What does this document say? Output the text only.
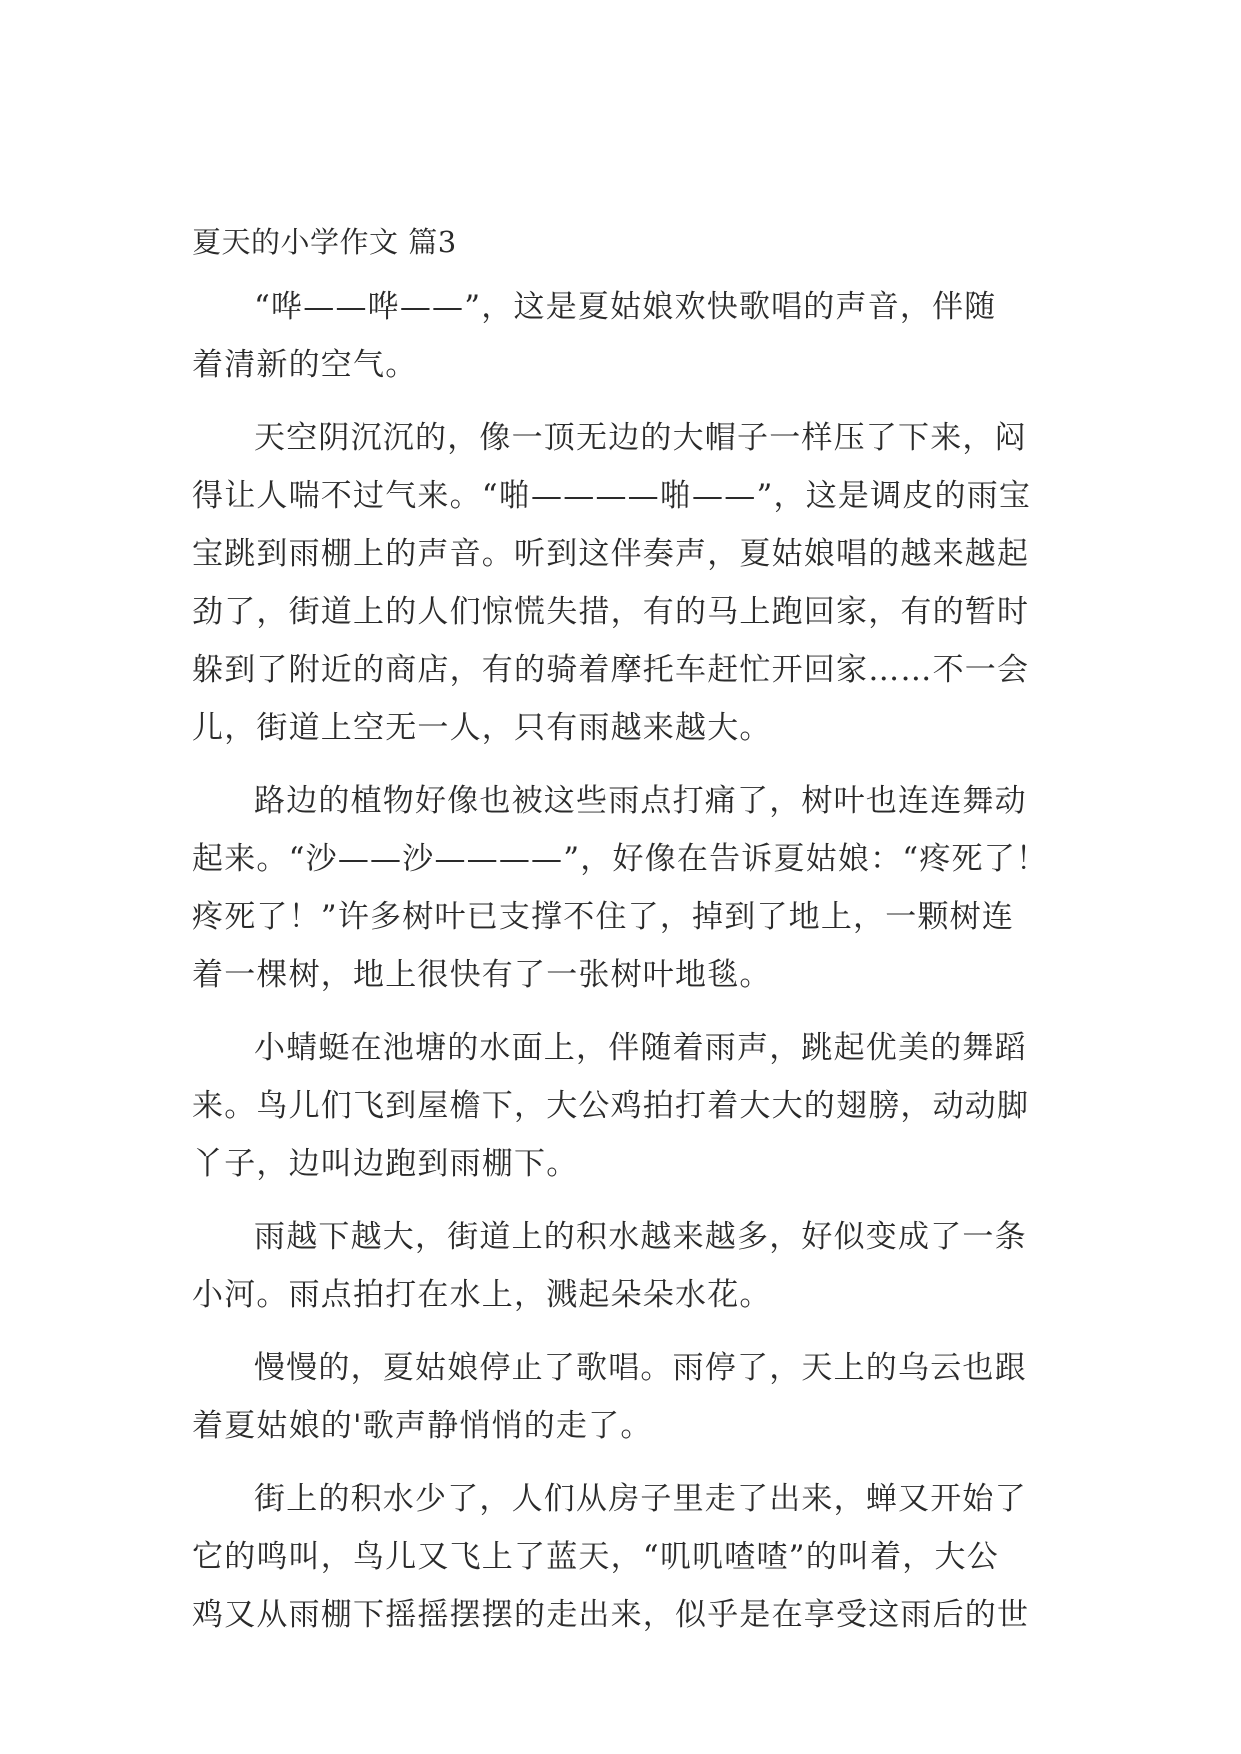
夏天的小学作文 篇3

“哗——哗——”，这是夏姑娘欢快歌唱的声音，伴随
着清新的空气。

天空阴沉沉的，像一顶无边的大帽子一样压了下来，闷
得让人喘不过气来。“啪————啪——”，这是调皮的雨宝
宝跳到雨棚上的声音。听到这伴奏声，夏姑娘唱的越来越起
劲了，街道上的人们惊慌失措，有的马上跑回家，有的暂时
躲到了附近的商店，有的骑着摩托车赶忙开回家……不一会
儿，街道上空无一人，只有雨越来越大。

路边的植物好像也被这些雨点打痛了，树叶也连连舞动
起来。“沙——沙————”，好像在告诉夏姑娘：“疼死了！
疼死了！”许多树叶已支撑不住了，掉到了地上，一颗树连
着一棵树，地上很快有了一张树叶地毯。

小蜻蜓在池塘的水面上，伴随着雨声，跳起优美的舞蹈
来。鸟儿们飞到屋檐下，大公鸡拍打着大大的翅膀，动动脚
丫子，边叫边跑到雨棚下。

雨越下越大，街道上的积水越来越多，好似变成了一条
小河。雨点拍打在水上，溅起朵朵水花。

慢慢的，夏姑娘停止了歌唱。雨停了，天上的乌云也跟
着夏姑娘的'歌声静悄悄的走了。

街上的积水少了，人们从房子里走了出来，蝉又开始了
它的鸣叫，鸟儿又飞上了蓝天，“叽叽喳喳”的叫着，大公
鸡又从雨棚下摇摇摆摆的走出来，似乎是在享受这雨后的世
